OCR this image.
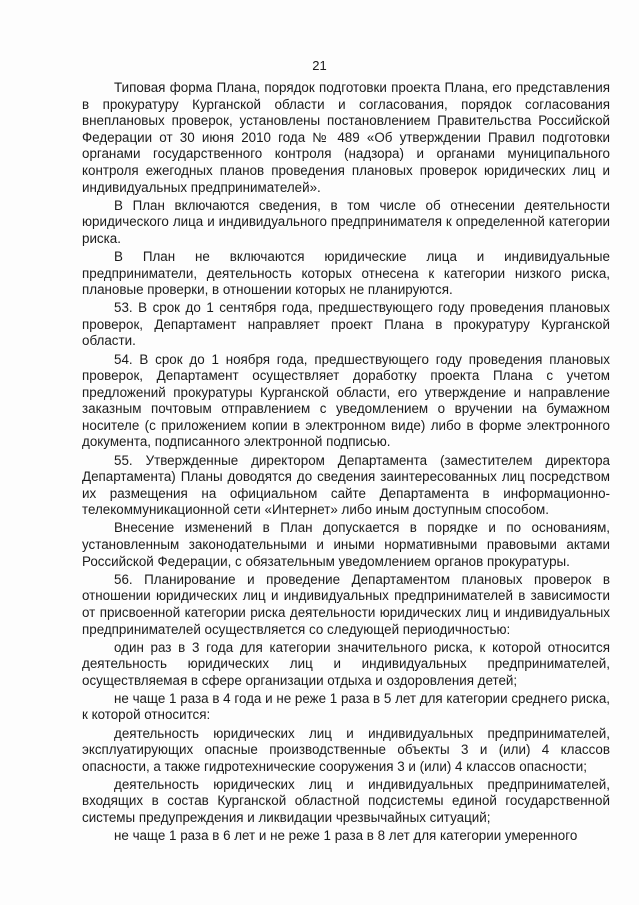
21

Типовая форма Плана, порядок подготовки проекта Плана, его представления в прокуратуру Курганской области и согласования, порядок согласования внеплановых проверок, установлены постановлением Правительства Российской Федерации от 30 июня 2010 года № 489 «Об утверждении Правил подготовки органами государственного контроля (надзора) и органами муниципального контроля ежегодных планов проведения плановых проверок юридических лиц и индивидуальных предпринимателей».

В План включаются сведения, в том числе об отнесении деятельности юридического лица и индивидуального предпринимателя к определенной категории риска.

В План не включаются юридические лица и индивидуальные предприниматели, деятельность которых отнесена к категории низкого риска, плановые проверки, в отношении которых не планируются.

53. В срок до 1 сентября года, предшествующего году проведения плановых проверок, Департамент направляет проект Плана в прокуратуру Курганской области.

54. В срок до 1 ноября года, предшествующего году проведения плановых проверок, Департамент осуществляет доработку проекта Плана с учетом предложений прокуратуры Курганской области, его утверждение и направление заказным почтовым отправлением с уведомлением о вручении на бумажном носителе (с приложением копии в электронном виде) либо в форме электронного документа, подписанного электронной подписью.

55. Утвержденные директором Департамента (заместителем директора Департамента) Планы доводятся до сведения заинтересованных лиц посредством их размещения на официальном сайте Департамента в информационно-телекоммуникационной сети «Интернет» либо иным доступным способом.

Внесение изменений в План допускается в порядке и по основаниям, установленным законодательными и иными нормативными правовыми актами Российской Федерации, с обязательным уведомлением органов прокуратуры.

56. Планирование и проведение Департаментом плановых проверок в отношении юридических лиц и индивидуальных предпринимателей в зависимости от присвоенной категории риска деятельности юридических лиц и индивидуальных предпринимателей осуществляется со следующей периодичностью:

один раз в 3 года для категории значительного риска, к которой относится деятельность юридических лиц и индивидуальных предпринимателей, осуществляемая в сфере организации отдыха и оздоровления детей;

не чаще 1 раза в 4 года и не реже 1 раза в 5 лет для категории среднего риска, к которой относится:

деятельность юридических лиц и индивидуальных предпринимателей, эксплуатирующих опасные производственные объекты 3 и (или) 4 классов опасности, а также гидротехнические сооружения 3 и (или) 4 классов опасности;

деятельность юридических лиц и индивидуальных предпринимателей, входящих в состав Курганской областной подсистемы единой государственной системы предупреждения и ликвидации чрезвычайных ситуаций;

не чаще 1 раза в 6 лет и не реже 1 раза в 8 лет для категории умеренного
